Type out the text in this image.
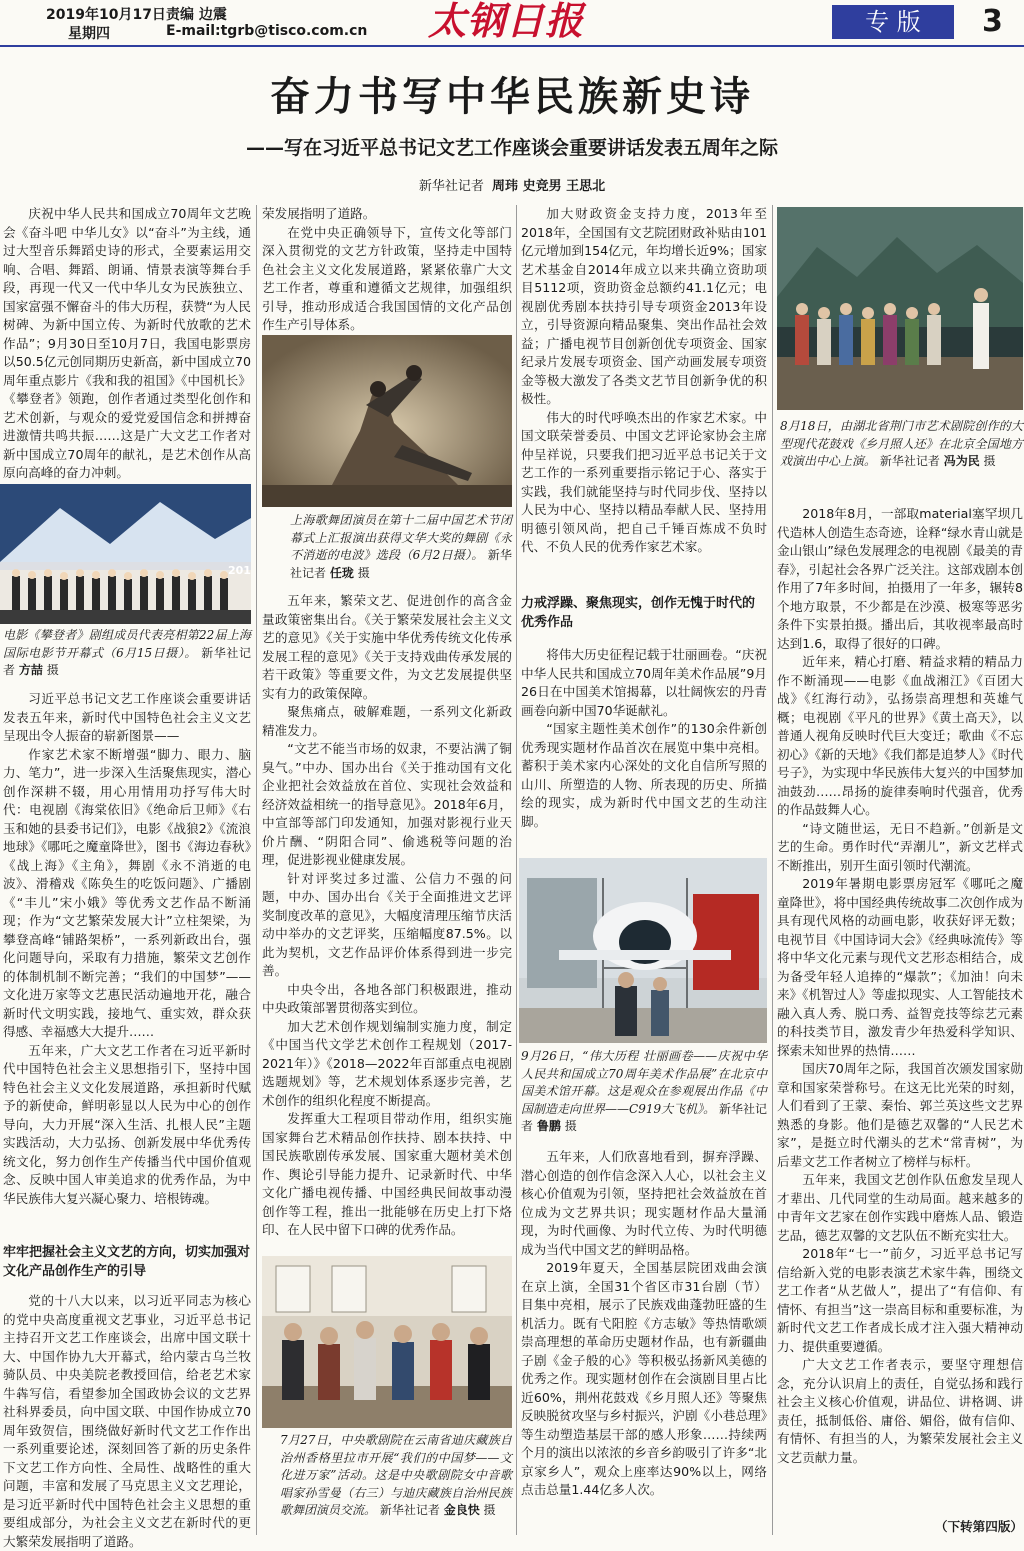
2019年10月17日 责编 边震
星期四	E-mail:tgrb@tisco.com.cn 太钢日报	专 版	3
奋力书写中华民族新史诗
——写在习近平总书记文艺工作座谈会重要讲话发表五周年之际
新华社记者 周玮 史竞男 王思北

庆祝中华人民共和国成立70周年文艺晚会《奋斗吧 中华儿女》以“奋斗”为主线，通过大型音乐舞蹈史诗的形式，全要素运用交响、合唱、舞蹈、朗诵、情景表演等舞台手段，再现一代又一代中华儿女为民族独立、国家富强不懈奋斗的伟大历程，获赞“为人民树碑、为新中国立传、为新时代放歌的艺术作品”；9月30日至10月7日，我国电影票房以50.5亿元创同期历史新高，新中国成立70周年重点影片《我和我的祖国》《中国机长》《攀登者》领跑，创作者通过类型化创作和艺术创新，与观众的爱党爱国信念和拼搏奋进激情共鸣共振……这是广大文艺工作者对新中国成立70周年的献礼，是艺术创作从高原向高峰的奋力冲刺。

201
电影《攀登者》剧组成员代表亮相第22届上海国际电影节开幕式（6月15日摄）。 新华社记者 方喆 摄

习近平总书记文艺工作座谈会重要讲话发表五年来，新时代中国特色社会主义文艺呈现出令人振奋的崭新图景——

作家艺术家不断增强“脚力、眼力、脑力、笔力”，进一步深入生活聚焦现实，潜心创作深耕不辍，用心用情用功抒写伟大时代：电视剧《海棠依旧》《绝命后卫师》《右玉和她的县委书记们》，电影《战狼2》《流浪地球》《哪吒之魔童降世》，图书《海边春秋》《战上海》《主角》，舞剧《永不消逝的电波》、滑稽戏《陈奂生的吃饭问题》、广播剧《“丰儿”宋小娥》等优秀文艺作品不断涌现；作为“文艺繁荣发展大计”立柱架梁，为攀登高峰“铺路架桥”，一系列新政出台，强化问题导向，采取有力措施，繁荣文艺创作的体制机制不断完善；“我们的中国梦”——文化进万家等文艺惠民活动遍地开花，融合新时代文明实践，接地气、重实效，群众获得感、幸福感大大提升……

五年来，广大文艺工作者在习近平新时代中国特色社会主义思想指引下，坚持中国特色社会主义文化发展道路，承担新时代赋予的新使命，鲜明彰显以人民为中心的创作导向，大力开展“深入生活、扎根人民”主题实践活动，大力弘扬、创新发展中华优秀传统文化，努力创作生产传播当代中国价值观念、反映中国人审美追求的优秀作品，为中华民族伟大复兴凝心聚力、培根铸魂。

牢牢把握社会主义文艺的方向，切实加强对文化产品创作生产的引导

党的十八大以来，以习近平同志为核心的党中央高度重视文艺事业，习近平总书记主持召开文艺工作座谈会，出席中国文联十大、中国作协九大开幕式，给内蒙古乌兰牧骑队员、中央美院老教授回信，给老艺术家牛犇写信，看望参加全国政协会议的文艺界社科界委员，向中国文联、中国作协成立70周年致贺信，围绕做好新时代文艺工作作出一系列重要论述，深刻回答了新的历史条件下文艺工作方向性、全局性、战略性的重大问题，丰富和发展了马克思主义文艺理论，是习近平新时代中国特色社会主义思想的重要组成部分，为社会主义文艺在新时代的更大繁荣发展指明了道路。

上海歌舞团演员在第十二届中国艺术节闭幕式上汇报演出获得文华大奖的舞剧《永不消逝的电波》选段（6月2日摄）。 新华社记者 任珑 摄

荣发展指明了道路。

在党中央正确领导下，宣传文化等部门深入贯彻党的文艺方针政策，坚持走中国特色社会主义文化发展道路，紧紧依靠广大文艺工作者，尊重和遵循文艺规律，加强组织引导，推动形成适合我国国情的文化产品创作生产引导体系。

五年来，繁荣文艺、促进创作的高含金量政策密集出台。《关于繁荣发展社会主义文艺的意见》《关于实施中华优秀传统文化传承发展工程的意见》《关于支持戏曲传承发展的若干政策》等重要文件，为文艺发展提供坚实有力的政策保障。

聚焦痛点，破解难题，一系列文化新政精准发力。

“文艺不能当市场的奴隶，不要沾满了铜臭气。”中办、国办出台《关于推动国有文化企业把社会效益放在首位、实现社会效益和经济效益相统一的指导意见》。2018年6月，中宣部等部门印发通知，加强对影视行业天价片酬、“阴阳合同”、偷逃税等问题的治理，促进影视业健康发展。

针对评奖过多过滥、公信力不强的问题，中办、国办出台《关于全面推进文艺评奖制度改革的意见》，大幅度清理压缩节庆活动中举办的文艺评奖，压缩幅度87.5%。以此为契机，文艺作品评价体系得到进一步完善。

中央令出，各地各部门积极跟进，推动中央政策部署贯彻落实到位。

加大艺术创作规划编制实施力度，制定《中国当代文学艺术创作工程规划（2017-2021年）》《2018—2022年百部重点电视剧选题规划》等，艺术规划体系逐步完善，艺术创作的组织化程度不断提高。

发挥重大工程项目带动作用，组织实施国家舞台艺术精品创作扶持、剧本扶持、中国民族歌剧传承发展、国家重大题材美术创作、舆论引导能力提升、记录新时代、中华文化广播电视传播、中国经典民间故事动漫创作等工程，推出一批能够在历史上打下烙印、在人民中留下口碑的优秀作品。

7月27日，中央歌剧院在云南省迪庆藏族自治州香格里拉市开展“我们的中国梦——文化进万家”活动。这是中央歌剧院女中音歌唱家孙雪曼（右三）与迪庆藏族自治州民族歌舞团演员交流。 新华社记者 金良快 摄

加大财政资金支持力度，2013年至2018年，全国国有文艺院团财政补贴由101亿元增加到154亿元，年均增长近9%；国家艺术基金自2014年成立以来共确立资助项目5112项，资助资金总额约41.1亿元；电视剧优秀剧本扶持引导专项资金2013年设立，引导资源向精品聚集、突出作品社会效益；广播电视节目创新创优专项资金、国家纪录片发展专项资金、国产动画发展专项资金等极大激发了各类文艺节目创新争优的积极性。

伟大的时代呼唤杰出的作家艺术家。中国文联荣誉委员、中国文艺评论家协会主席仲呈祥说，只要我们把习近平总书记关于文艺工作的一系列重要指示铭记于心、落实于实践，我们就能坚持与时代同步伐、坚持以人民为中心、坚持以精品奉献人民、坚持用明德引领风尚，把自己千锤百炼成不负时代、不负人民的优秀作家艺术家。

力戒浮躁、聚焦现实，创作无愧于时代的优秀作品

将伟大历史征程记载于壮丽画卷。“庆祝中华人民共和国成立70周年美术作品展”9月26日在中国美术馆揭幕，以壮阔恢宏的丹青画卷向新中国70华诞献礼。

“国家主题性美术创作”的130余件新创优秀现实题材作品首次在展览中集中亮相。蓄积于美术家内心深处的文化自信所写照的山川、所塑造的人物、所表现的历史、所描绘的现实，成为新时代中国文艺的生动注脚。

9月26日，“伟大历程 壮丽画卷——庆祝中华人民共和国成立70周年美术作品展”在北京中国美术馆开幕。这是观众在参观展出作品《中国制造走向世界——C919大飞机》。 新华社记者 鲁鹏 摄

五年来，人们欣喜地看到，摒弃浮躁、潜心创造的创作信念深入人心，以社会主义核心价值观为引领，坚持把社会效益放在首位成为文艺界共识；现实题材作品大量涌现，为时代画像、为时代立传、为时代明德成为当代中国文艺的鲜明品格。

2019年夏天，全国基层院团戏曲会演在京上演，全国31个省区市31台剧（节）目集中亮相，展示了民族戏曲蓬勃旺盛的生机活力。既有弋阳腔《方志敏》等热情歌颂崇高理想的革命历史题材作品，也有新疆曲子剧《金子般的心》等积极弘扬新风美德的优秀之作。现实题材创作在会演剧目里占比近60%，荆州花鼓戏《乡月照人还》等聚焦反映脱贫攻坚与乡村振兴，沪剧《小巷总理》等生动塑造基层干部的感人形象……持续两个月的演出以浓浓的乡音乡韵吸引了许多“北京家乡人”，观众上座率达90%以上，网络点击总量1.44亿多人次。

8月18日，由湖北省荆门市艺术剧院创作的大型现代花鼓戏《乡月照人还》在北京全国地方戏演出中心上演。 新华社记者 冯为民 摄

2018年8月，一部取material塞罕坝几代造林人创造生态奇迹，诠释“绿水青山就是金山银山”绿色发展理念的电视剧《最美的青春》，引起社会各界广泛关注。这部戏剧本创作用了7年多时间，拍摄用了一年多，辗转8个地方取景，不少都是在沙漠、极寒等恶劣条件下实景拍摄。播出后，其收视率最高时达到1.6，取得了很好的口碑。

近年来，精心打磨、精益求精的精品力作不断涌现——电影《血战湘江》《百团大战》《红海行动》，弘扬崇高理想和英雄气概；电视剧《平凡的世界》《黄土高天》，以普通人视角反映时代巨大变迁；歌曲《不忘初心》《新的天地》《我们都是追梦人》《时代号子》，为实现中华民族伟大复兴的中国梦加油鼓劲……昂扬的旋律奏响时代强音，优秀的作品鼓舞人心。

“诗文随世运，无日不趋新。”创新是文艺的生命。勇作时代“弄潮儿”，新文艺样式不断推出，别开生面引领时代潮流。

2019年暑期电影票房冠军《哪吒之魔童降世》，将中国经典传统故事二次创作成为具有现代风格的动画电影，收获好评无数；电视节目《中国诗词大会》《经典咏流传》等将中华文化元素与现代文艺形态相结合，成为备受年轻人追捧的“爆款”；《加油！向未来》《机智过人》等虚拟现实、人工智能技术融入真人秀、脱口秀、益智竞技等综艺元素的科技类节目，激发青少年热爱科学知识、探索未知世界的热情……

国庆70周年之际，我国首次颁发国家勋章和国家荣誉称号。在这无比光荣的时刻，人们看到了王蒙、秦怡、郭兰英这些文艺界熟悉的身影。他们是德艺双馨的“人民艺术家”，是挺立时代潮头的艺术“常青树”，为后辈文艺工作者树立了榜样与标杆。

五年来，我国文艺创作队伍愈发呈现人才辈出、几代同堂的生动局面。越来越多的中青年文艺家在创作实践中磨炼人品、锻造艺品，德艺双馨的文艺队伍不断充实壮大。

2018年“七一”前夕，习近平总书记写信给新入党的电影表演艺术家牛犇，围绕文艺工作者“从艺做人”，提出了“有信仰、有情怀、有担当”这一崇高目标和重要标准，为新时代文艺工作者成长成才注入强大精神动力、提供重要遵循。

广大文艺工作者表示，要坚守理想信念，充分认识肩上的责任，自觉弘扬和践行社会主义核心价值观，讲品位、讲格调、讲责任，抵制低俗、庸俗、媚俗，做有信仰、有情怀、有担当的人，为繁荣发展社会主义文艺贡献力量。

（下转第四版）
